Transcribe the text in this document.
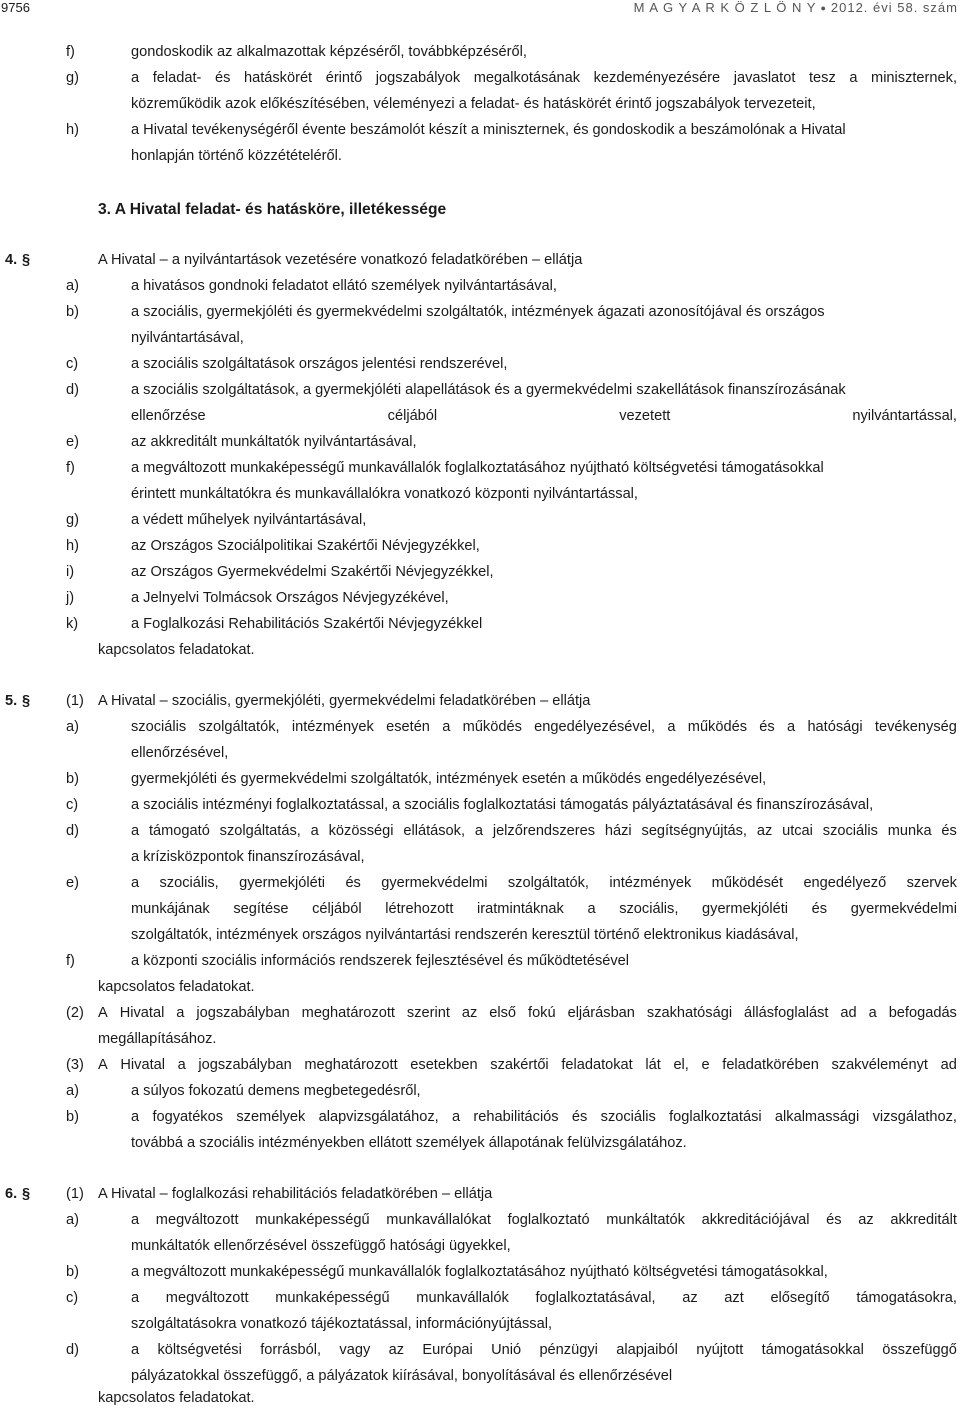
9756	M A G Y A R K Ö Z L Ö N Y ● 2012. évi 58. szám
f)	gondoskodik az alkalmazottak képzéséről, továbbképzéséről,
g)	a feladat- és hatáskörét érintő jogszabályok megalkotásának kezdeményezésére javaslatot tesz a miniszternek,
közreműködik azok előkészítésében, véleményezi a feladat- és hatáskörét érintő jogszabályok tervezeteit,
h)	a Hivatal tevékenységéről évente beszámolót készít a miniszternek, és gondoskodik a beszámolónak a Hivatal
honlapján történő közzétételéről.
3. A Hivatal feladat- és hatásköre, illetékessége
4. §	A Hivatal – a nyilvántartások vezetésére vonatkozó feladatkörében – ellátja
a)	a hivatásos gondnoki feladatot ellátó személyek nyilvántartásával,
b)	a szociális, gyermekjóléti és gyermekvédelmi szolgáltatók, intézmények ágazati azonosítójával és országos
nyilvántartásával,
c)	a szociális szolgáltatások országos jelentési rendszerével,
d)	a szociális szolgáltatások, a gyermekjóléti alapellátások és a gyermekvédelmi szakellátások finanszírozásának
ellenőrzése	céljából	vezetett	nyilvántartással,
e)	az akkreditált munkáltatók nyilvántartásával,
f)	a megváltozott munkaképességű munkavállalók foglalkoztatásához nyújtható költségvetési támogatásokkal
érintett munkáltatókra és munkavállalókra vonatkozó központi nyilvántartással,
g)	a védett műhelyek nyilvántartásával,
h)	az Országos Szociálpolitikai Szakértői Névjegyzékkel,
i)	az Országos Gyermekvédelmi Szakértői Névjegyzékkel,
j)	a Jelnyelvi Tolmácsok Országos Névjegyzékével,
k)	a Foglalkozási Rehabilitációs Szakértői Névjegyzékkel
kapcsolatos feladatokat.
5. § (1) A Hivatal – szociális, gyermekjóléti, gyermekvédelmi feladatkörében – ellátja
a)	szociális szolgáltatók, intézmények esetén a működés engedélyezésével, a működés és a hatósági tevékenység
ellenőrzésével,
b)	gyermekjóléti és gyermekvédelmi szolgáltatók, intézmények esetén a működés engedélyezésével,
c)	a szociális intézményi foglalkoztatással, a szociális foglalkoztatási támogatás pályáztatásával és finanszírozásával,
d)	a támogató szolgáltatás, a közösségi ellátások, a jelzőrendszeres házi segítségnyújtás, az utcai szociális munka és
a krízisközpontok finanszírozásával,
e)	a szociális, gyermekjóléti és gyermekvédelmi szolgáltatók, intézmények működését engedélyező szervek
munkájának segítése céljából létrehozott iratmintáknak a szociális, gyermekjóléti és gyermekvédelmi
szolgáltatók, intézmények országos nyilvántartási rendszerén keresztül történő elektronikus kiadásával,
f)	a központi szociális információs rendszerek fejlesztésével és működtetésével
kapcsolatos feladatokat.
(2) A Hivatal a jogszabályban meghatározott szerint az első fokú eljárásban szakhatósági állásfoglalást ad a befogadás
megállapításához.
(3) A Hivatal a jogszabályban meghatározott esetekben szakértői feladatokat lát el, e feladatkörében szakvéleményt ad
a)	a súlyos fokozatú demens megbetegedésről,
b)	a fogyatékos személyek alapvizsgálatához, a rehabilitációs és szociális foglalkoztatási alkalmassági vizsgálathoz,
továbbá a szociális intézményekben ellátott személyek állapotának felülvizsgálatához.
6. § (1) A Hivatal – foglalkozási rehabilitációs feladatkörében – ellátja
a)	a megváltozott munkaképességű munkavállalókat foglalkoztató munkáltatók akkreditációjával és az akkreditált
munkáltatók ellenőrzésével összefüggő hatósági ügyekkel,
b)	a megváltozott munkaképességű munkavállalók foglalkoztatásához nyújtható költségvetési támogatásokkal,
c)	a megváltozott munkaképességű munkavállalók foglalkoztatásával, az azt elősegítő támogatásokra,
szolgáltatásokra vonatkozó tájékoztatással, információnyújtással,
d)	a költségvetési forrásból, vagy az Európai Unió pénzügyi alapjaiból nyújtott támogatásokkal összefüggő
pályázatokkal összefüggő, a pályázatok kiírásával, bonyolításával és ellenőrzésével
kapcsolatos feladatokat.
